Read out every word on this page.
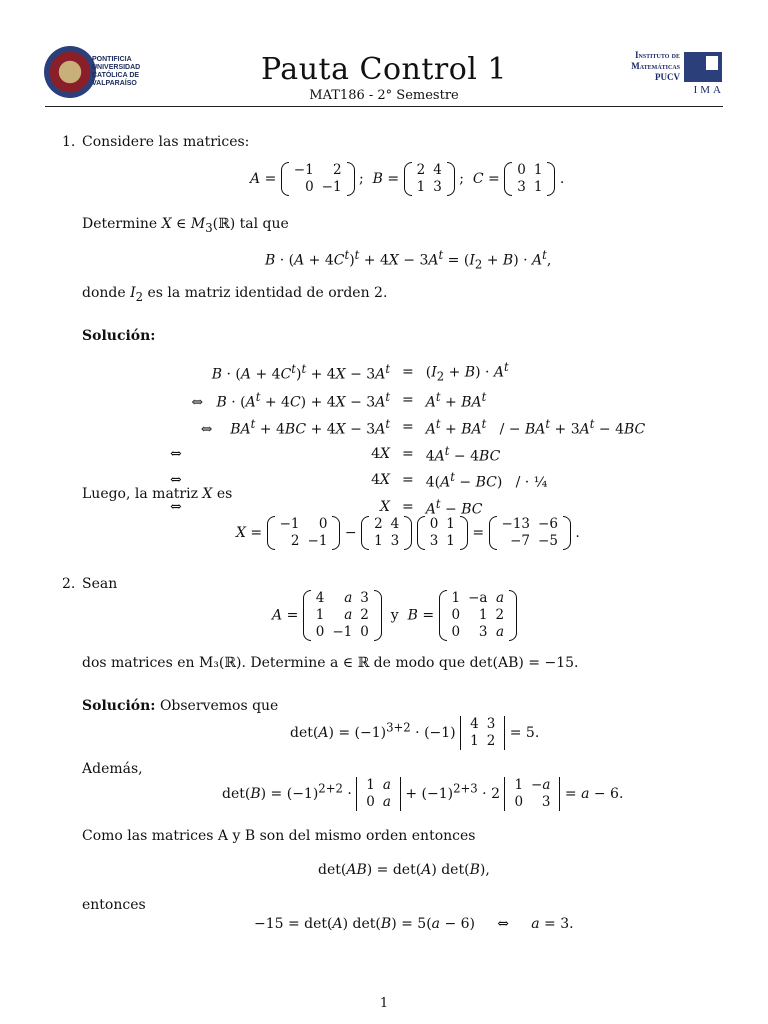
PONTIFICIA
UNIVERSIDAD
CATÓLICA DE
VALPARAÍSO	Pauta Control 1
MAT186 - 2° Semestre
Instituto de
Matemáticas
PUCV
IMA
1. Considere las matrices:
A =
−1	2
0	−1 ;  B =
2	4
1	3 ;  C =
0	1
3	1 .
Determine X ∈ $M_3(ℝ)$ tal que
$B \cdot (A + 4C^t)^t + 4X - 3A^t = (I_2 + B) \cdot A^t$,
donde $I_2$ es la matriz identidad de orden 2.
Solución:
$B \cdot (A + 4C^t)^t + 4X - 3A^t$	=	$(I_2 + B) \cdot A^t$
⇔   $B \cdot (A^t + 4C) + 4X - 3A^t$	=	$A^t + BA^t$
⇔    $BA^t + 4BC + 4X - 3A^t$	=	$A^t + BA^t$   / − $BA^t + 3A^t - 4BC$

⇔ 4X	=	$4A^t - 4BC$

⇔ 4X	=	$4(A^t - BC)$   / · ¼

⇔ X	=	$A^t$ − BC
Luego, la matriz X es
X =
−1	0
2	−1 −
2	4
1	3

0	1
3	1 =
−13	−6
−7	−5 .
2. Sean
A =
4	a	3
1	a	2
0	−1	0
y B =
1	−a	a
0	1	2
0	3	a
dos matrices en M₃(ℝ). Determine a ∈ ℝ de modo que det(AB) = −15.
Solución: Observemos que
$\det(A) = (-1)^{3+2} \cdot (-1)$
4	3
1	2 = 5.
Además,
$\det(B) = (-1)^{2+2}$ ·
1	a
0	$a + (-1)^{2+3} \cdot 2$
1	−a
0	3 = a − 6.
Como las matrices A y B son del mismo orden entonces
det(AB) = det(A) det(B),
entonces
−15 = det(A) det(B) = 5(a − 6)     ⇔     a = 3.
1
